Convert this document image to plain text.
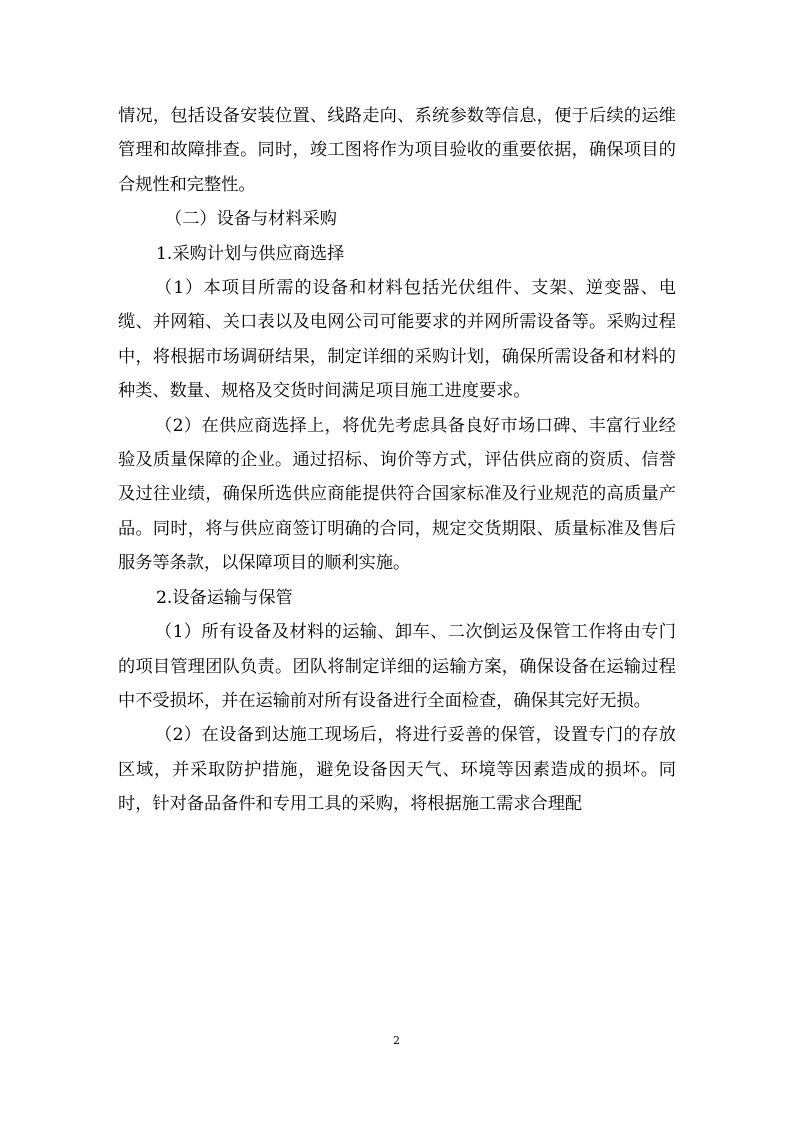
情况，包括设备安装位置、线路走向、系统参数等信息，便于后续的运维管理和故障排查。同时，竣工图将作为项目验收的重要依据，确保项目的合规性和完整性。

（二）设备与材料采购

1.采购计划与供应商选择

（1）本项目所需的设备和材料包括光伏组件、支架、逆变器、电缆、并网箱、关口表以及电网公司可能要求的并网所需设备等。采购过程中，将根据市场调研结果，制定详细的采购计划，确保所需设备和材料的种类、数量、规格及交货时间满足项目施工进度要求。

（2）在供应商选择上，将优先考虑具备良好市场口碑、丰富行业经验及质量保障的企业。通过招标、询价等方式，评估供应商的资质、信誉及过往业绩，确保所选供应商能提供符合国家标准及行业规范的高质量产品。同时，将与供应商签订明确的合同，规定交货期限、质量标准及售后服务等条款，以保障项目的顺利实施。

2.设备运输与保管

（1）所有设备及材料的运输、卸车、二次倒运及保管工作将由专门的项目管理团队负责。团队将制定详细的运输方案，确保设备在运输过程中不受损坏，并在运输前对所有设备进行全面检查，确保其完好无损。

（2）在设备到达施工现场后，将进行妥善的保管，设置专门的存放区域，并采取防护措施，避免设备因天气、环境等因素造成的损坏。同时，针对备品备件和专用工具的采购，将根据施工需求合理配

2
